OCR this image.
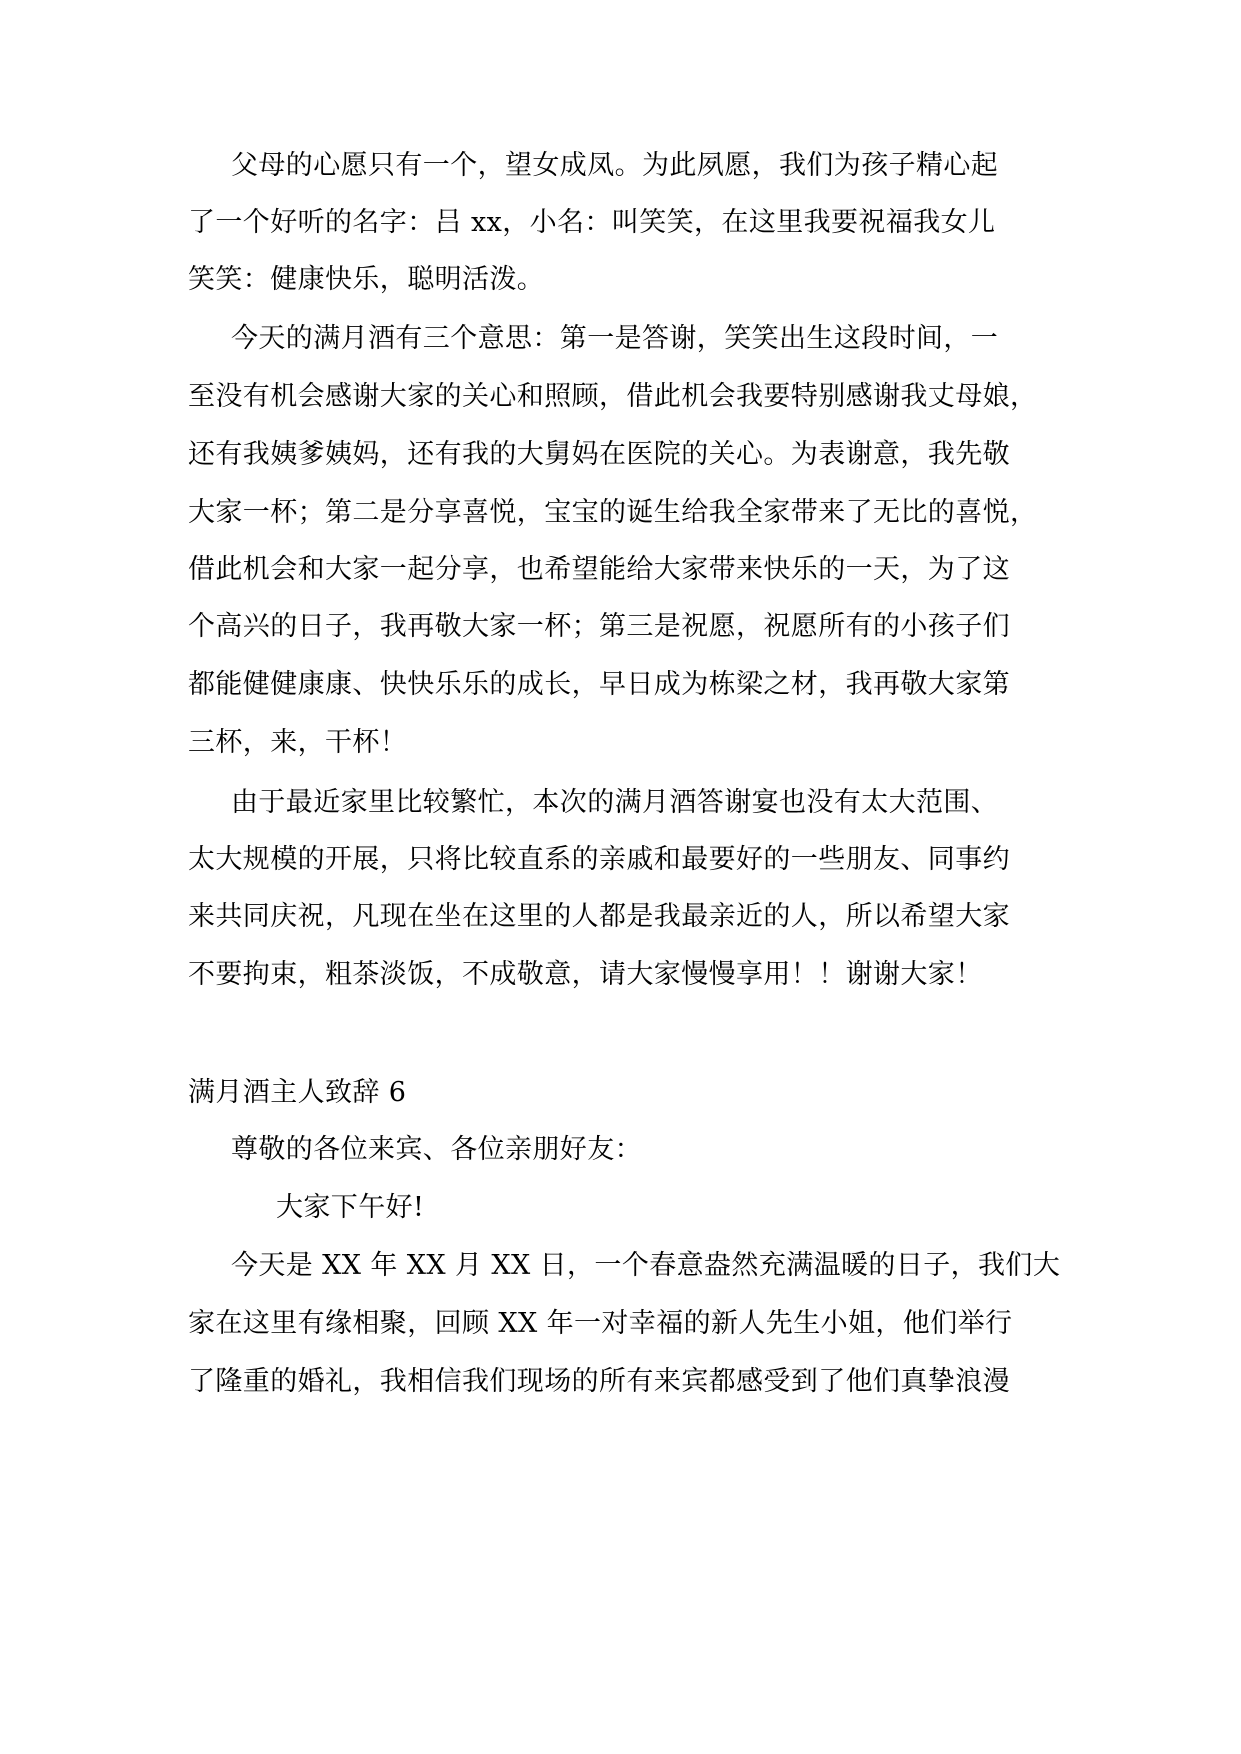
父母的心愿只有一个，望女成凤。为此夙愿，我们为孩子精心起
了一个好听的名字：吕 xx，小名：叫笑笑，在这里我要祝福我女儿
笑笑：健康快乐，聪明活泼。
今天的满月酒有三个意思：第一是答谢，笑笑出生这段时间，一
至没有机会感谢大家的关心和照顾，借此机会我要特别感谢我丈母娘，
还有我姨爹姨妈，还有我的大舅妈在医院的关心。为表谢意，我先敬
大家一杯；第二是分享喜悦，宝宝的诞生给我全家带来了无比的喜悦，
借此机会和大家一起分享，也希望能给大家带来快乐的一天，为了这
个高兴的日子，我再敬大家一杯；第三是祝愿，祝愿所有的小孩子们
都能健健康康、快快乐乐的成长，早日成为栋梁之材，我再敬大家第
三杯，来，干杯！
由于最近家里比较繁忙，本次的满月酒答谢宴也没有太大范围、
太大规模的开展，只将比较直系的亲戚和最要好的一些朋友、同事约
来共同庆祝，凡现在坐在这里的人都是我最亲近的人，所以希望大家
不要拘束，粗茶淡饭，不成敬意，请大家慢慢享用！！谢谢大家！
满月酒主人致辞 6
尊敬的各位来宾、各位亲朋好友：
大家下午好!
今天是 XX 年 XX 月 XX 日，一个春意盎然充满温暖的日子，我们大
家在这里有缘相聚，回顾 XX 年一对幸福的新人先生小姐，他们举行
了隆重的婚礼，我相信我们现场的所有来宾都感受到了他们真挚浪漫
